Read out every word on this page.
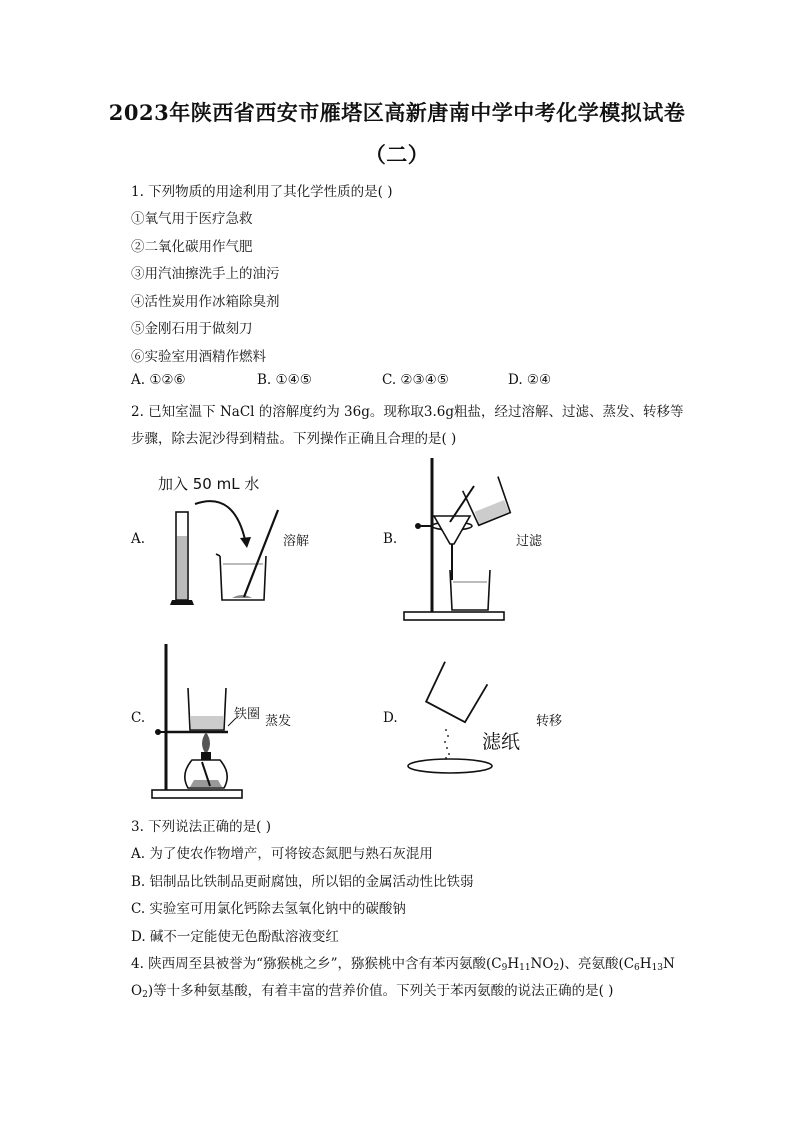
2023年陕西省西安市雁塔区高新唐南中学中考化学模拟试卷
（二）
1. 下列物质的用途利用了其化学性质的是( )
①氧气用于医疗急救
②二氧化碳用作气肥
③用汽油擦洗手上的油污
④活性炭用作冰箱除臭剂
⑤金刚石用于做刻刀
⑥实验室用酒精作燃料
A. ①②⑥	B. ①④⑤	C. ②③④⑤	D. ②④
2. 已知室温下 NaCl 的溶解度约为 36g。现称取3.6g粗盐，经过溶解、过滤、蒸发、转移等
步骤，除去泥沙得到精盐。下列操作正确且合理的是( )
A.
加入 50 mL 水
溶解	B.	过滤
C.	铁圈 蒸发	D.
滤纸
转移
3. 下列说法正确的是( )
A. 为了使农作物增产，可将铵态氮肥与熟石灰混用
B. 铝制品比铁制品更耐腐蚀，所以铝的金属活动性比铁弱
C. 实验室可用氯化钙除去氢氧化钠中的碳酸钠
D. 碱不一定能使无色酚酞溶液变红
4. 陕西周至县被誉为“猕猴桃之乡”，猕猴桃中含有苯丙氨酸$(C_9H_{11}NO_2)$、亮氨酸($C_6H_{13}N$
$O_2$)等十多种氨基酸，有着丰富的营养价值。下列关于苯丙氨酸的说法正确的是( )
